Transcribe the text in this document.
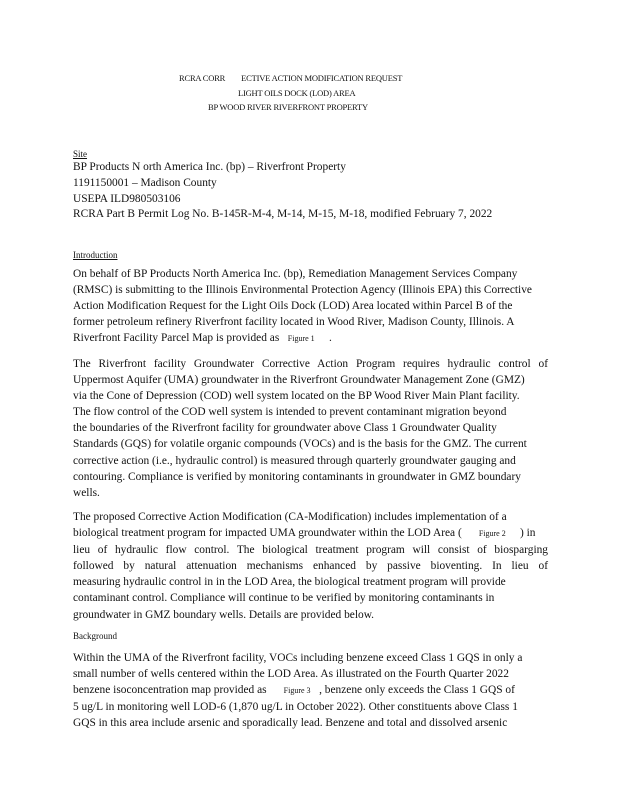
RCRA CORR ECTIVE ACTION MODIFICATION REQUEST
LIGHT OILS DOCK (LOD) AREA
BP WOOD RIVER RIVERFRONT PROPERTY
Site
BP Products N orth America Inc. (bp) – Riverfront Property
1191150001 – Madison County
USEPA ILD980503106
RCRA Part B Permit Log No. B-145R-M-4, M-14, M-15, M-18, modified February 7, 2022
Introduction
On behalf of BP Products North America Inc. (bp), Remediation Management Services Company
(RMSC) is submitting to the Illinois Environmental Protection Agency (Illinois EPA) this Corrective
Action Modification Request for the Light Oils Dock (LOD) Area located within Parcel B of the
former petroleum refinery Riverfront facility located in Wood River, Madison County, Illinois. A
Riverfront Facility Parcel Map is provided as Figure 1 .
The Riverfront facility Groundwater Corrective Action Program requires hydraulic control of
Uppermost Aquifer (UMA) groundwater in the Riverfront Groundwater Management Zone (GMZ)
via the Cone of Depression (COD) well system located on the BP Wood River Main Plant facility.
The flow control of the COD well system is intended to prevent contaminant migration beyond
the boundaries of the Riverfront facility for groundwater above Class 1 Groundwater Quality
Standards (GQS) for volatile organic compounds (VOCs) and is the basis for the GMZ. The current
corrective action (i.e., hydraulic control) is measured through quarterly groundwater gauging and
contouring. Compliance is verified by monitoring contaminants in groundwater in GMZ boundary
wells.
The proposed Corrective Action Modification (CA-Modification) includes implementation of a
biological treatment program for impacted UMA groundwater within the LOD Area ( Figure 2 ) in
lieu of hydraulic flow control. The biological treatment program will consist of biosparging
followed by natural attenuation mechanisms enhanced by passive bioventing. In lieu of
measuring hydraulic control in in the LOD Area, the biological treatment program will provide
contaminant control. Compliance will continue to be verified by monitoring contaminants in
groundwater in GMZ boundary wells. Details are provided below.
Background
Within the UMA of the Riverfront facility, VOCs including benzene exceed Class 1 GQS in only a
small number of wells centered within the LOD Area. As illustrated on the Fourth Quarter 2022
benzene isoconcentration map provided as Figure 3 , benzene only exceeds the Class 1 GQS of
5 ug/L in monitoring well LOD-6 (1,870 ug/L in October 2022). Other constituents above Class 1
GQS in this area include arsenic and sporadically lead. Benzene and total and dissolved arsenic
